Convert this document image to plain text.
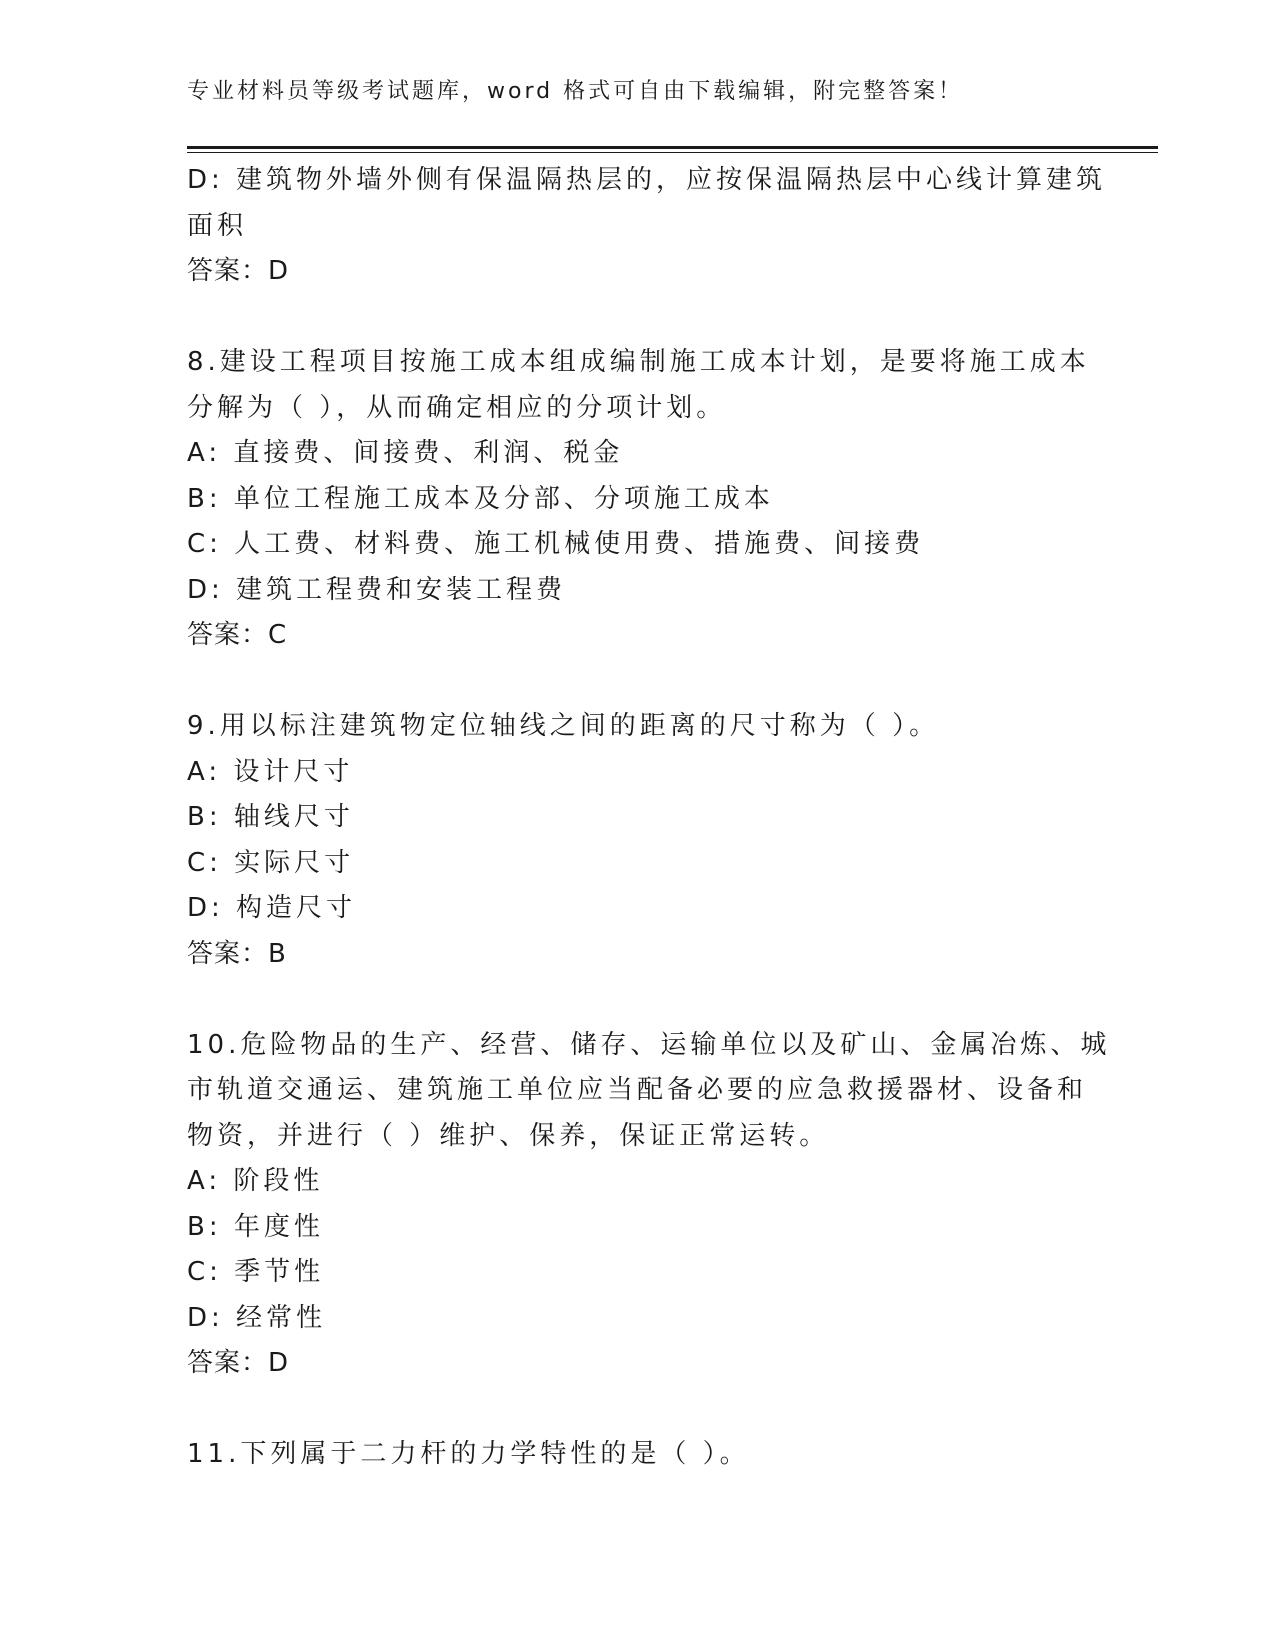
专业材料员等级考试题库，word 格式可自由下载编辑，附完整答案！
D: 建筑物外墙外侧有保温隔热层的，应按保温隔热层中心线计算建筑
面积
答案：D
8.建设工程项目按施工成本组成编制施工成本计划，是要将施工成本
分解为（ ），从而确定相应的分项计划。
A: 直接费、间接费、利润、税金
B: 单位工程施工成本及分部、分项施工成本
C: 人工费、材料费、施工机械使用费、措施费、间接费
D: 建筑工程费和安装工程费
答案：C
9.用以标注建筑物定位轴线之间的距离的尺寸称为（ ）。
A: 设计尺寸
B: 轴线尺寸
C: 实际尺寸
D: 构造尺寸
答案：B
10.危险物品的生产、经营、储存、运输单位以及矿山、金属冶炼、城
市轨道交通运、建筑施工单位应当配备必要的应急救援器材、设备和
物资，并进行（ ）维护、保养，保证正常运转。
A: 阶段性
B: 年度性
C: 季节性
D: 经常性
答案：D
11.下列属于二力杆的力学特性的是（ ）。
